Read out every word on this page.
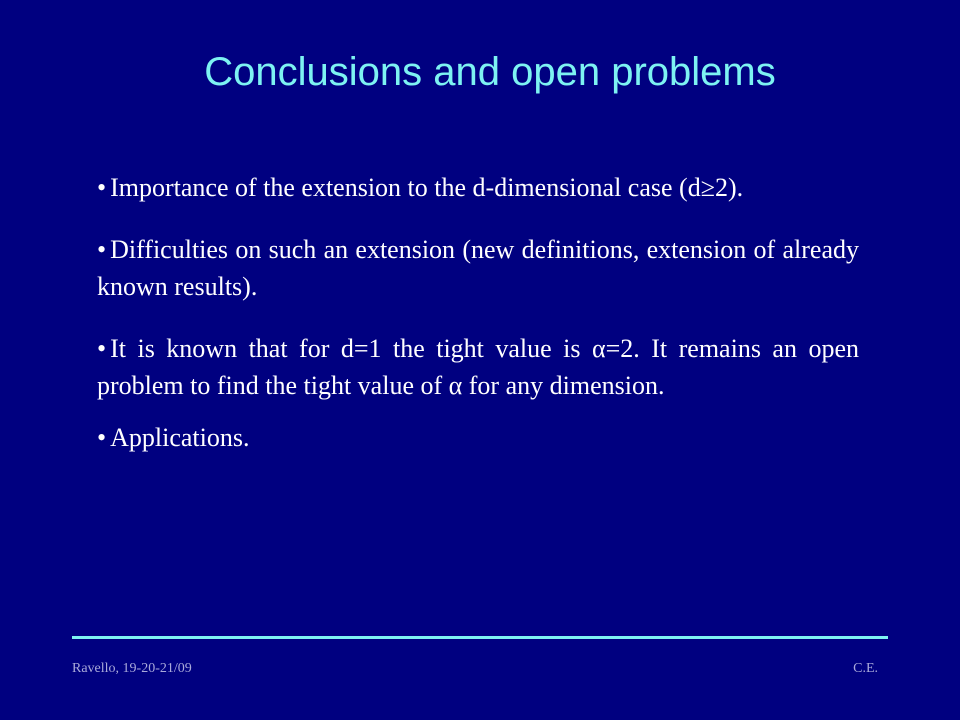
Conclusions and open problems

• Importance of the extension to the d-dimensional case (d≥2).

• Difficulties on such an extension (new definitions, extension of already known results).

• It is known that for d=1 the tight value is α=2. It remains an open problem to find the tight value of α for any dimension.

• Applications.

Ravello, 19-20-21/09	C.E.
